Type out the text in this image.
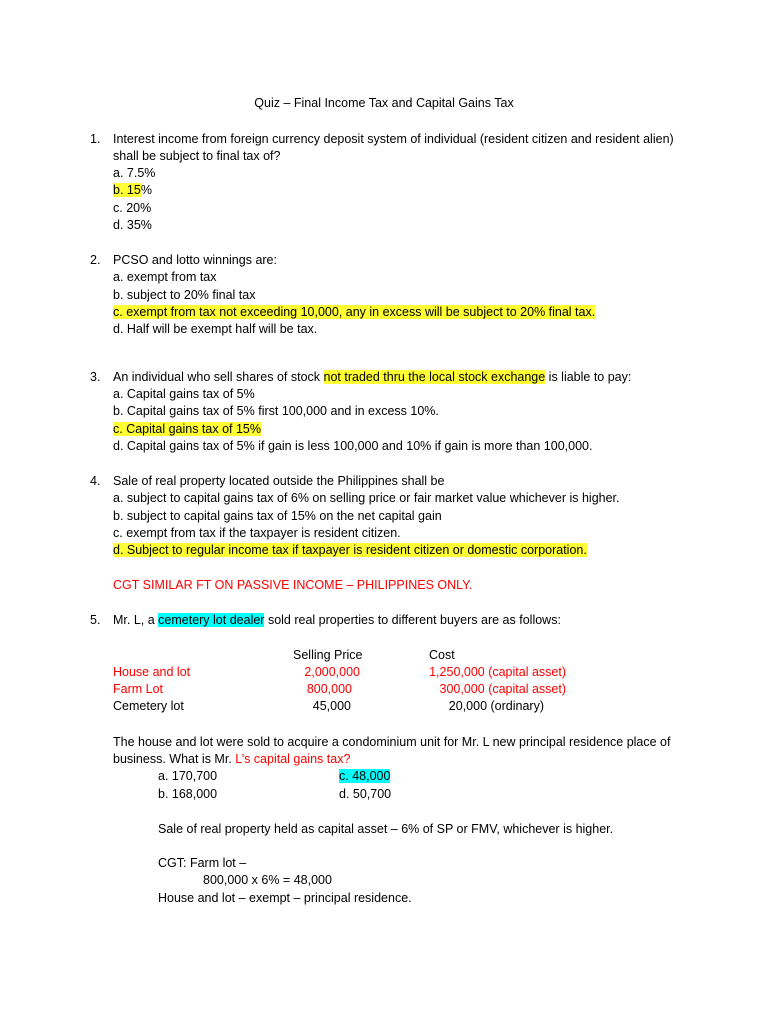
Quiz – Final Income Tax and Capital Gains Tax
1. Interest income from foreign currency deposit system of individual (resident citizen and resident alien)
shall be subject to final tax of?
a. 7.5%
b. 15%
c. 20%
d. 35%
2. PCSO and lotto winnings are:
a. exempt from tax
b. subject to 20% final tax
c. exempt from tax not exceeding 10,000, any in excess will be subject to 20% final tax.
d. Half will be exempt half will be tax.
3. An individual who sell shares of stock not traded thru the local stock exchange is liable to pay:
a. Capital gains tax of 5%
b. Capital gains tax of 5% first 100,000 and in excess 10%.
c. Capital gains tax of 15%
d. Capital gains tax of 5% if gain is less 100,000 and 10% if gain is more than 100,000.
4. Sale of real property located outside the Philippines shall be
a. subject to capital gains tax of 6% on selling price or fair market value whichever is higher.
b. subject to capital gains tax of 15% on the net capital gain
c. exempt from tax if the taxpayer is resident citizen.
d. Subject to regular income tax if taxpayer is resident citizen or domestic corporation.
CGT SIMILAR FT ON PASSIVE INCOME – PHILIPPINES ONLY.
5. Mr. L, a cemetery lot dealer sold real properties to different buyers are as follows:
Selling Price	Cost
House and lot	2,000,000	1,250,000 (capital asset)
Farm Lot	800,000	300,000 (capital asset)
Cemetery lot	45,000	20,000 (ordinary)
The house and lot were sold to acquire a condominium unit for Mr. L new principal residence place of
business. What is Mr. L’s capital gains tax?
a. 170,700	c. 48,000
b. 168,000	d. 50,700
Sale of real property held as capital asset – 6% of SP or FMV, whichever is higher.
CGT: Farm lot –
800,000 x 6% = 48,000
House and lot – exempt – principal residence.
